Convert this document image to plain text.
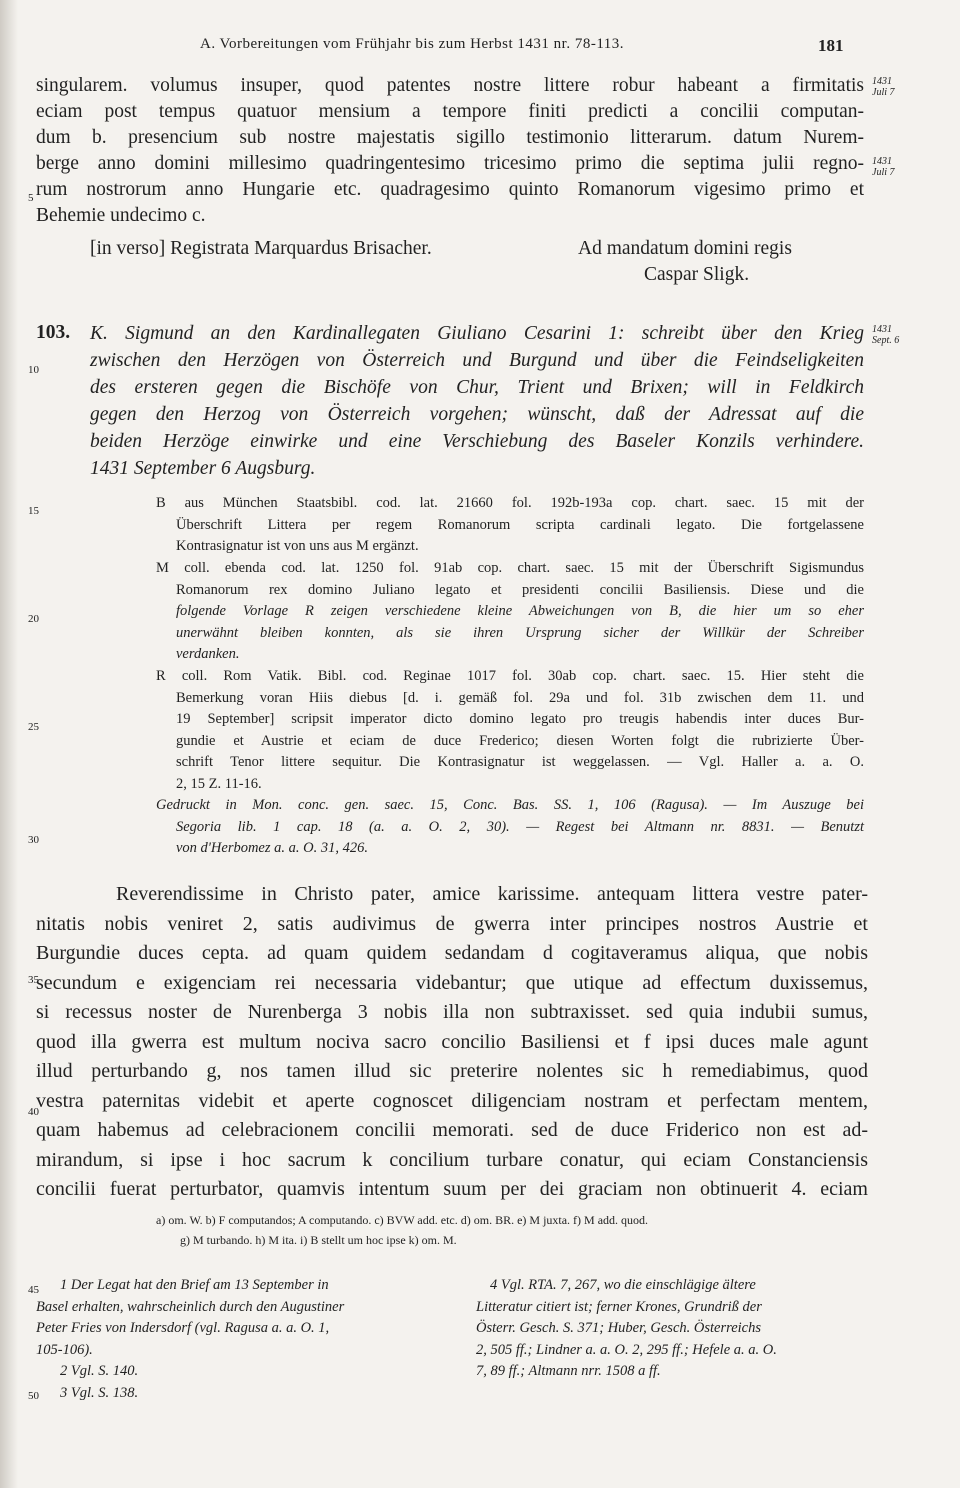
A. Vorbereitungen vom Frühjahr bis zum Herbst 1431 nr. 78-113.	181
singularem. volumus insuper, quod patentes nostre littere robur habeant a firmitatis
eciam post tempus quatuor mensium a tempore finiti predicti a concilii computan-
dum b. presencium sub nostre majestatis sigillo testimonio litterarum. datum Nurem-
berge anno domini millesimo quadringentesimo tricesimo primo die septima julii regno-
rum nostrorum anno Hungarie etc. quadragesimo quinto Romanorum vigesimo primo et
Behemie undecimo c.
[in verso] Registrata Marquardus Brisacher.	Ad mandatum domini regis
Caspar Sligk.
103. K. Sigmund an den Kardinallegaten Giuliano Cesarini 1: schreibt über den Krieg
zwischen den Herzögen von Österreich und Burgund und über die Feindseligkeiten
des ersteren gegen die Bischöfe von Chur, Trient und Brixen; will in Feldkirch
gegen den Herzog von Österreich vorgehen; wünscht, daß der Adressat auf die
beiden Herzöge einwirke und eine Verschiebung des Baseler Konzils verhindere.
1431 September 6 Augsburg.
B aus München Staatsbibl. cod. lat. 21660 fol. 192b-193a cop. chart. saec. 15 mit der
Überschrift Littera per regem Romanorum scripta cardinali legato. Die fortgelassene
Kontrasignatur ist von uns aus M ergänzt.
M coll. ebenda cod. lat. 1250 fol. 91ab cop. chart. saec. 15 mit der Überschrift Sigismundus
Romanorum rex domino Juliano legato et presidenti concilii Basiliensis. Diese und die
folgende Vorlage R zeigen verschiedene kleine Abweichungen von B, die hier um so eher
unerwähnt bleiben konnten, als sie ihren Ursprung sicher der Willkür der Schreiber
verdanken.
R coll. Rom Vatik. Bibl. cod. Reginae 1017 fol. 30ab cop. chart. saec. 15. Hier steht die
Bemerkung voran Hiis diebus [d. i. gemäß fol. 29a und fol. 31b zwischen dem 11. und
19 September] scripsit imperator dicto domino legato pro treugis habendis inter duces Bur-
gundie et Austrie et eciam de duce Frederico; diesen Worten folgt die rubrizierte Über-
schrift Tenor littere sequitur. Die Kontrasignatur ist weggelassen. — Vgl. Haller a. a. O.
2, 15 Z. 11-16.
Gedruckt in Mon. conc. gen. saec. 15, Conc. Bas. SS. 1, 106 (Ragusa). — Im Auszuge bei
Segoria lib. 1 cap. 18 (a. a. O. 2, 30). — Regest bei Altmann nr. 8831. — Benutzt
von d'Herbomez a. a. O. 31, 426.
Reverendissime in Christo pater, amice karissime. antequam littera vestre pater-
nitatis nobis veniret 2, satis audivimus de gwerra inter principes nostros Austrie et
Burgundie duces cepta. ad quam quidem sedandam d cogitaveramus aliqua, que nobis
secundum e exigenciam rei necessaria videbantur; que utique ad effectum duxissemus,
si recessus noster de Nurenberga 3 nobis illa non subtraxisset. sed quia indubii sumus,
quod illa gwerra est multum nociva sacro concilio Basiliensi et f ipsi duces male agunt
illud perturbando g, nos tamen illud sic preterire nolentes sic h remediabimus, quod
vestra paternitas videbit et aperte cognoscet diligenciam nostram et perfectam mentem,
quam habemus ad celebracionem concilii memorati. sed de duce Friderico non est ad-
mirandum, si ipse i hoc sacrum k concilium turbare conatur, qui eciam Constanciensis
concilii fuerat perturbator, quamvis intentum suum per dei graciam non obtinuerit 4. eciam
a) om. W. b) F computandos; A computando. c) BVW add. etc. d) om. BR. e) M juxta. f) M add. quod.
g) M turbando. h) M ita. i) B stellt um hoc ipse k) om. M.
1 Der Legat hat den Brief am 13 September in
Basel erhalten, wahrscheinlich durch den Augustiner
Peter Fries von Indersdorf (vgl. Ragusa a. a. O. 1,
105-106).
2 Vgl. S. 140.
3 Vgl. S. 138.
4 Vgl. RTA. 7, 267, wo die einschlägige ältere
Litteratur citiert ist; ferner Krones, Grundriß der
Österr. Gesch. S. 371; Huber, Gesch. Österreichs
2, 505 ff.; Lindner a. a. O. 2, 295 ff.; Hefele a. a. O.
7, 89 ff.; Altmann nrr. 1508 a ff.
5
10
15
20
25
30
35
40
45
50
1431
Juli 7
1431
Juli 7
1431
Sept. 6
